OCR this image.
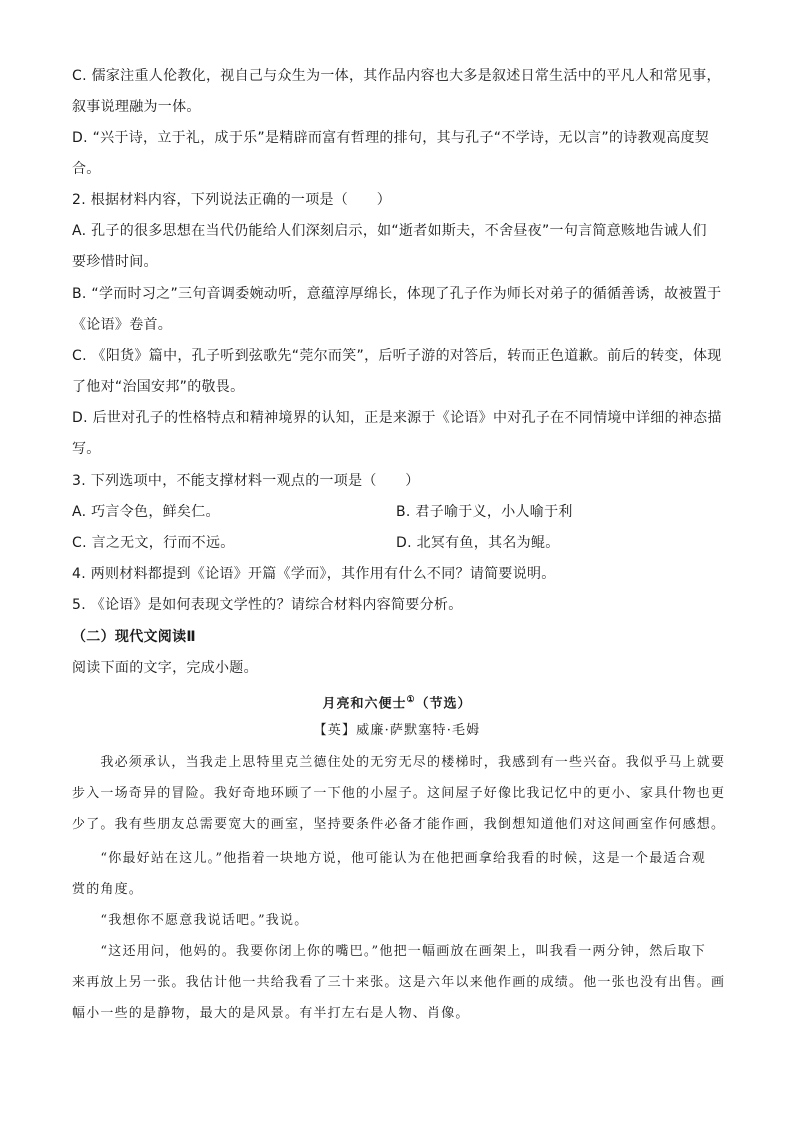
C. 儒家注重人伦教化，视自己与众生为一体，其作品内容也大多是叙述日常生活中的平凡人和常见事，
叙事说理融为一体。
D. “兴于诗，立于礼，成于乐”是精辟而富有哲理的排句，其与孔子“不学诗，无以言”的诗教观高度契
合。
2. 根据材料内容，下列说法正确的一项是（　　）
A. 孔子的很多思想在当代仍能给人们深刻启示，如“逝者如斯夫，不舍昼夜”一句言简意赅地告诫人们
要珍惜时间。
B. “学而时习之”三句音调委婉动听，意蕴淳厚绵长，体现了孔子作为师长对弟子的循循善诱，故被置于
《论语》卷首。
C. 《阳货》篇中，孔子听到弦歌先“莞尔而笑”，后听子游的对答后，转而正色道歉。前后的转变，体现
了他对“治国安邦”的敬畏。
D. 后世对孔子的性格特点和精神境界的认知，正是来源于《论语》中对孔子在不同情境中详细的神态描
写。
3. 下列选项中，不能支撑材料一观点的一项是（　　）
A. 巧言令色，鲜矣仁。	B. 君子喻于义，小人喻于利
C. 言之无文，行而不远。	D. 北冥有鱼，其名为鲲。
4. 两则材料都提到《论语》开篇《学而》，其作用有什么不同？请简要说明。
5. 《论语》是如何表现文学性的？请综合材料内容简要分析。
（二）现代文阅读Ⅱ
阅读下面的文字，完成小题。
月亮和六便士①（节选）
【英】威廉·萨默塞特·毛姆
　　我必须承认，当我走上思特里克兰德住处的无穷无尽的楼梯时，我感到有一些兴奋。我似乎马上就要
步入一场奇异的冒险。我好奇地环顾了一下他的小屋子。这间屋子好像比我记忆中的更小、家具什物也更
少了。我有些朋友总需要宽大的画室，坚持要条件必备才能作画，我倒想知道他们对这间画室作何感想。
　　“你最好站在这儿。”他指着一块地方说，他可能认为在他把画拿给我看的时候，这是一个最适合观
赏的角度。
　　“我想你不愿意我说话吧。”我说。
　　“这还用问，他妈的。我要你闭上你的嘴巴。”他把一幅画放在画架上，叫我看一两分钟，然后取下
来再放上另一张。我估计他一共给我看了三十来张。这是六年以来他作画的成绩。他一张也没有出售。画
幅小一些的是静物，最大的是风景。有半打左右是人物、肖像。
